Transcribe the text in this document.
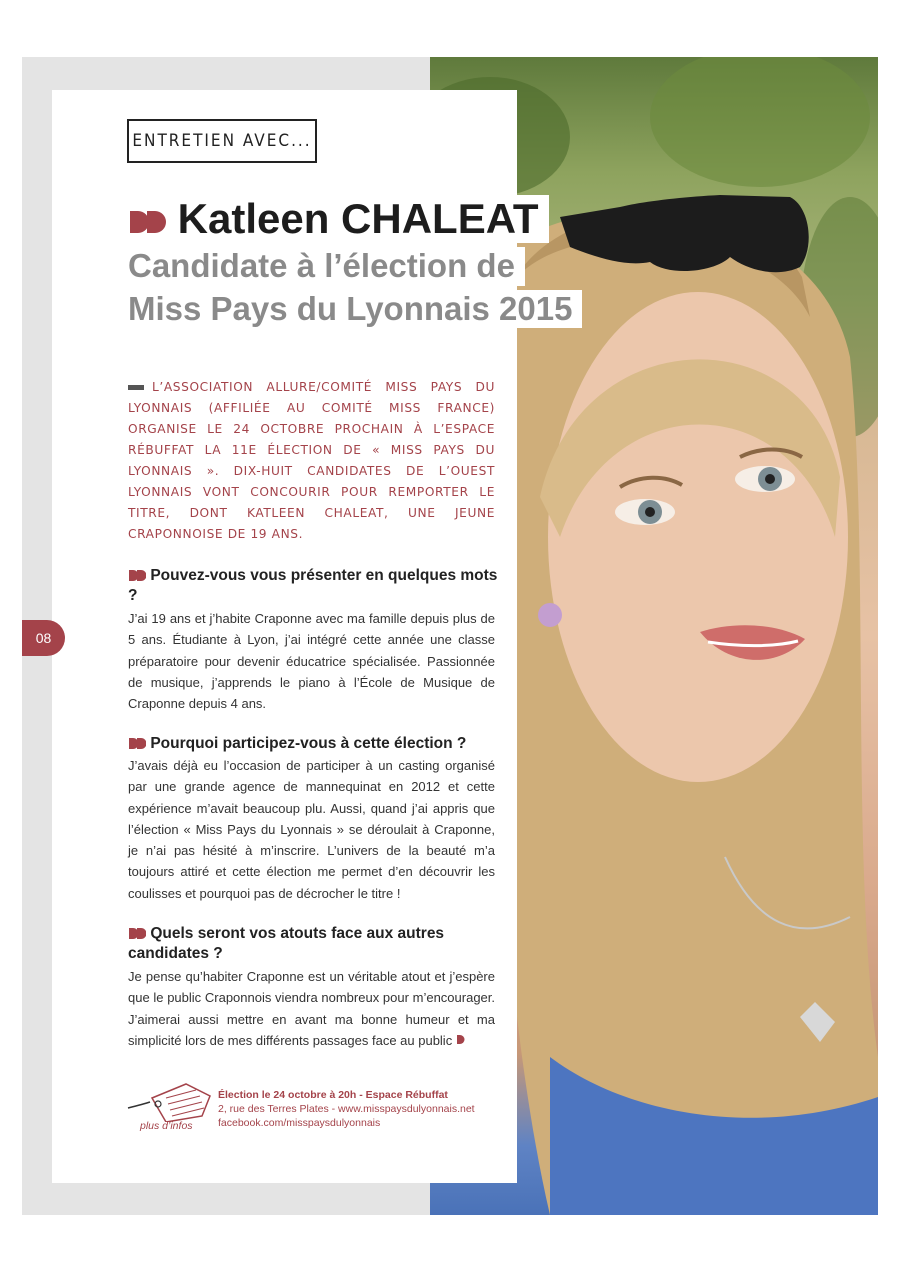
ENTRETIEN AVEC...
Katleen CHALEAT
Candidate à l’élection de
Miss Pays du Lyonnais 2015
L’ASSOCIATION ALLURE/COMITÉ MISS PAYS DU LYONNAIS (AFFILIÉE AU COMITÉ MISS FRANCE) ORGANISE LE 24 OCTOBRE PROCHAIN À L’ESPACE RÉBUFFAT LA 11E ÉLECTION DE « MISS PAYS DU LYONNAIS ». DIX-HUIT CANDIDATES DE L’OUEST LYONNAIS VONT CONCOURIR POUR REMPORTER LE TITRE, DONT KATLEEN CHALEAT, UNE JEUNE CRAPONNOISE DE 19 ANS.
Pouvez-vous vous présenter en quelques mots ?
J’ai 19 ans et j’habite Craponne avec ma famille depuis plus de 5 ans. Étudiante à Lyon, j’ai intégré cette année une classe préparatoire pour devenir éducatrice spécialisée. Passionnée de musique, j’apprends le piano à l’École de Musique de Craponne depuis 4 ans.
Pourquoi participez-vous à cette élection ?
J’avais déjà eu l’occasion de participer à un casting organisé par une grande agence de mannequinat en 2012 et cette expérience m’avait beaucoup plu. Aussi, quand j’ai appris que l’élection « Miss Pays du Lyonnais » se déroulait à Craponne, je n’ai pas hésité à m’inscrire. L’univers de la beauté m’a toujours attiré et cette élection me permet d’en découvrir les coulisses et pourquoi pas de décrocher le titre !
Quels seront vos atouts face aux autres candidates ?
Je pense qu’habiter Craponne est un véritable atout et j’espère que le public Craponnois viendra nombreux pour m’encourager. J’aimerai aussi mettre en avant ma bonne humeur et ma simplicité lors de mes différents passages face au public
08
plus d’infos
Élection le 24 octobre à 20h - Espace Rébuffat
2, rue des Terres Plates - www.misspaysdulyonnais.net
facebook.com/misspaysdulyonnais
